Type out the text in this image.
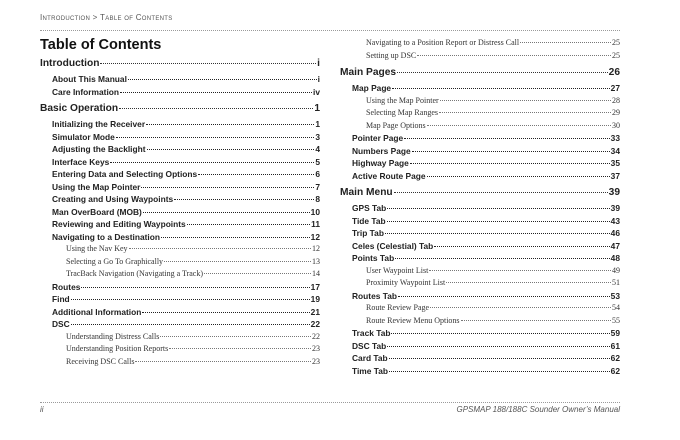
Introduction > Table of Contents
Table of Contents
Introduction	i
About This Manual	i
Care Information	iv
Basic Operation	1
Initializing the Receiver	1
Simulator Mode	3
Adjusting the Backlight	4
Interface Keys	5
Entering Data and Selecting Options	6
Using the Map Pointer	7
Creating and Using Waypoints	8
Man OverBoard (MOB)	10
Reviewing and Editing Waypoints	11
Navigating to a Destination	12
Using the Nav Key	12
Selecting a Go To Graphically	13
TracBack Navigation (Navigating a Track)	14
Routes	17
Find	19
Additional Information	21
DSC	22
Understanding Distress Calls	22
Understanding Position Reports	23
Receiving DSC Calls	23
Navigating to a Position Report or Distress Call	25
Setting up DSC	25
Main Pages	26
Map Page	27
Using the Map Pointer	28
Selecting Map Ranges	29
Map Page Options	30
Pointer Page	33
Numbers Page	34
Highway Page	35
Active Route Page	37
Main Menu	39
GPS Tab	39
Tide Tab	43
Trip Tab	46
Celes (Celestial) Tab	47
Points Tab	48
User Waypoint List	49
Proximity Waypoint List	51
Routes Tab	53
Route Review Page	54
Route Review Menu Options	55
Track Tab	59
DSC Tab	61
Card Tab	62
Time Tab	62
ii	GPSMAP 188/188C Sounder Owner’s Manual
